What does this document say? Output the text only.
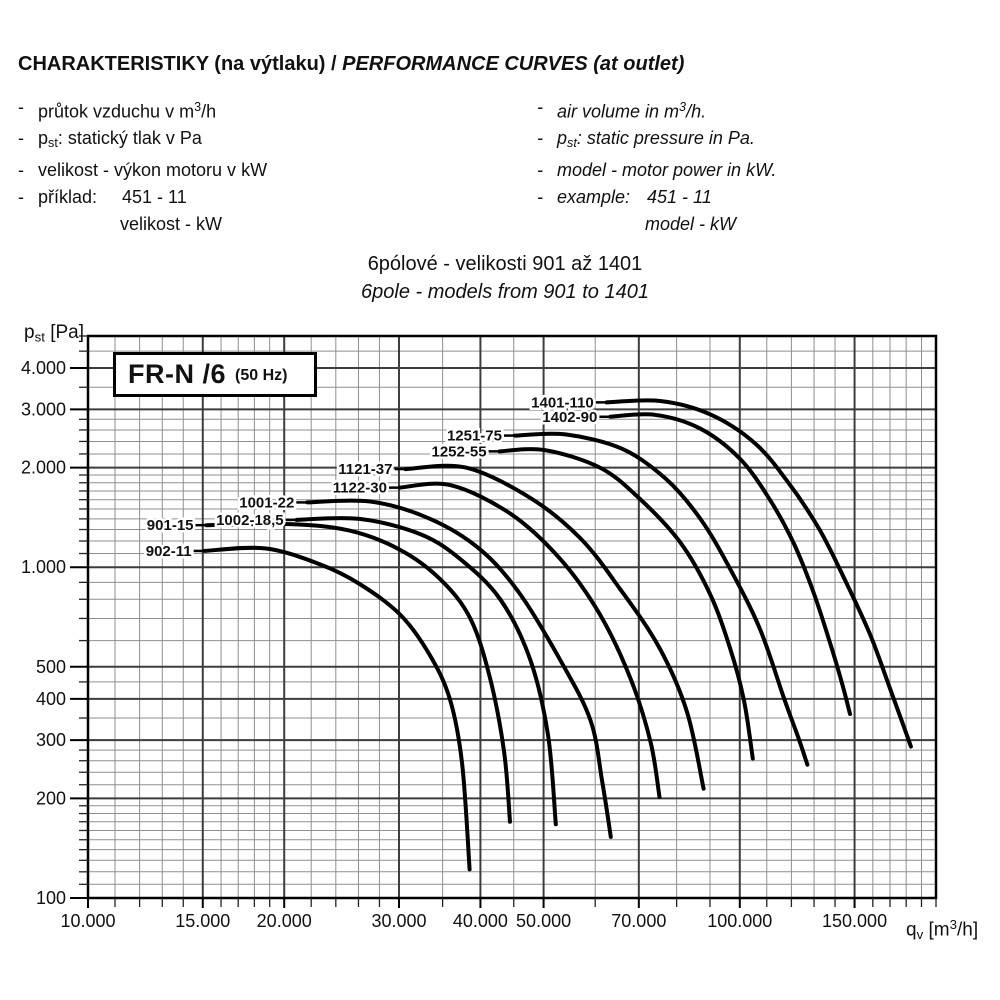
10.000	15.000 20.000	30.000 40.000 50.000 70.000 100.000	150.000
4.000
3.000
2.000
1.000
500
400
300
200
100
1401-110
1402-90
1251-75
1252-55
1121-37
1122-30
1001-22
1002-18,5
901-15
902-11
CHARAKTERISTIKY (na výtlaku) / PERFORMANCE CURVES (at outlet)
- průtok vzduchu v $m^3/h$
- pst: statický tlak v Pa
- velikost - výkon motoru v kW
- příklad:	451 - 11
velikost - kW
- air volume in $m^3/h$.
- pst: static pressure in Pa.
- model - motor power in kW.
- example: 451 - 11
model - kW
6pólové - velikosti 901 až 1401
6pole - models from 901 to 1401
pst [Pa]
qv $[m^3/h]$
FR-N /6 (50 Hz)
